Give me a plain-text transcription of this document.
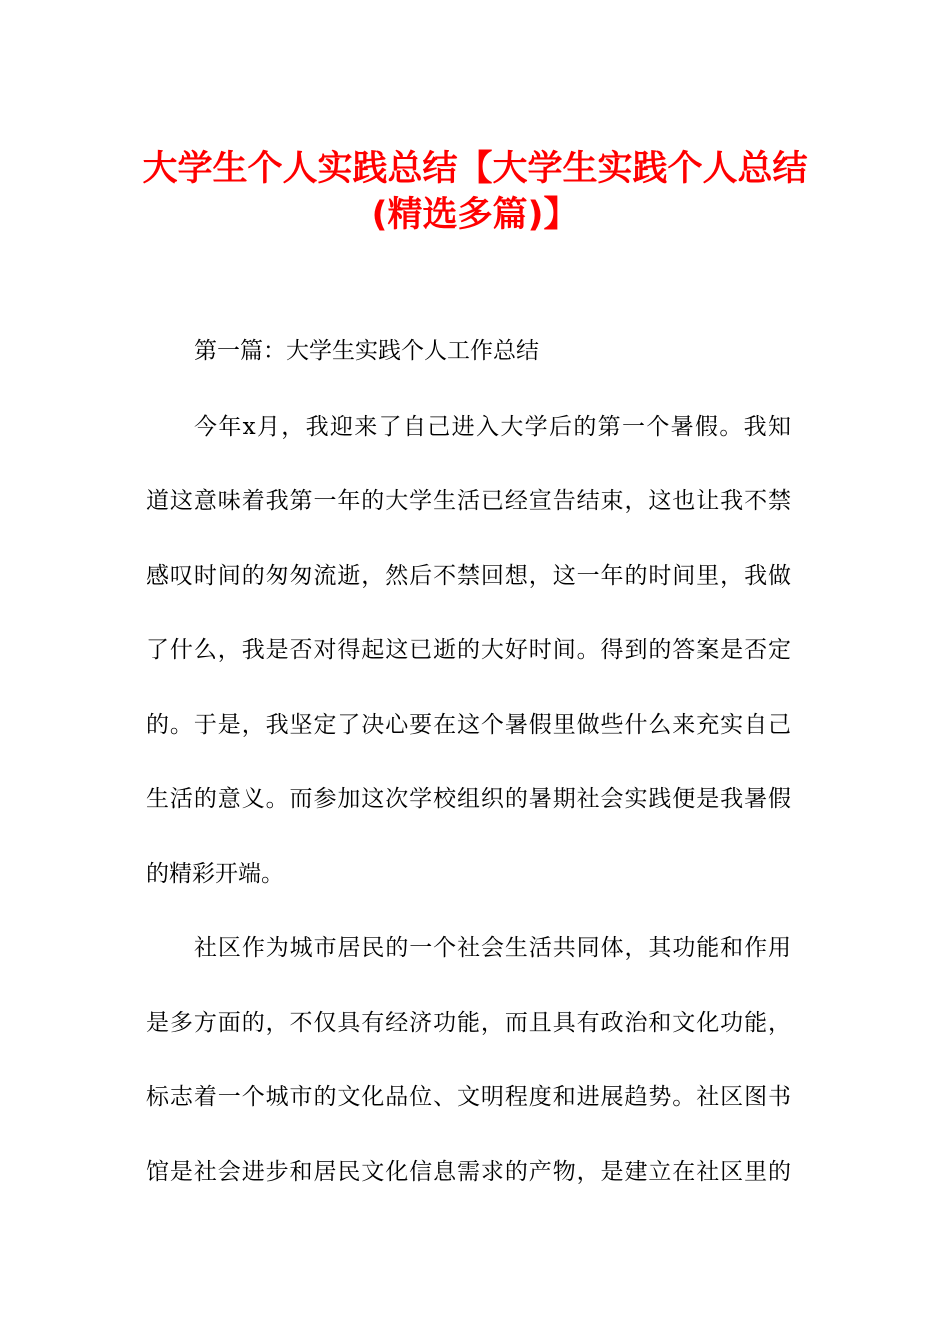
大学生个人实践总结【大学生实践个人总结
(精选多篇)】
第一篇：大学生实践个人工作总结
今年x月，我迎来了自己进入大学后的第一个暑假。我知
道这意味着我第一年的大学生活已经宣告结束，这也让我不禁
感叹时间的匆匆流逝，然后不禁回想，这一年的时间里，我做
了什么，我是否对得起这已逝的大好时间。得到的答案是否定
的。于是，我坚定了决心要在这个暑假里做些什么来充实自己
生活的意义。而参加这次学校组织的暑期社会实践便是我暑假
的精彩开端。
社区作为城市居民的一个社会生活共同体，其功能和作用
是多方面的，不仅具有经济功能，而且具有政治和文化功能，
标志着一个城市的文化品位、文明程度和进展趋势。社区图书
馆是社会进步和居民文化信息需求的产物，是建立在社区里的
